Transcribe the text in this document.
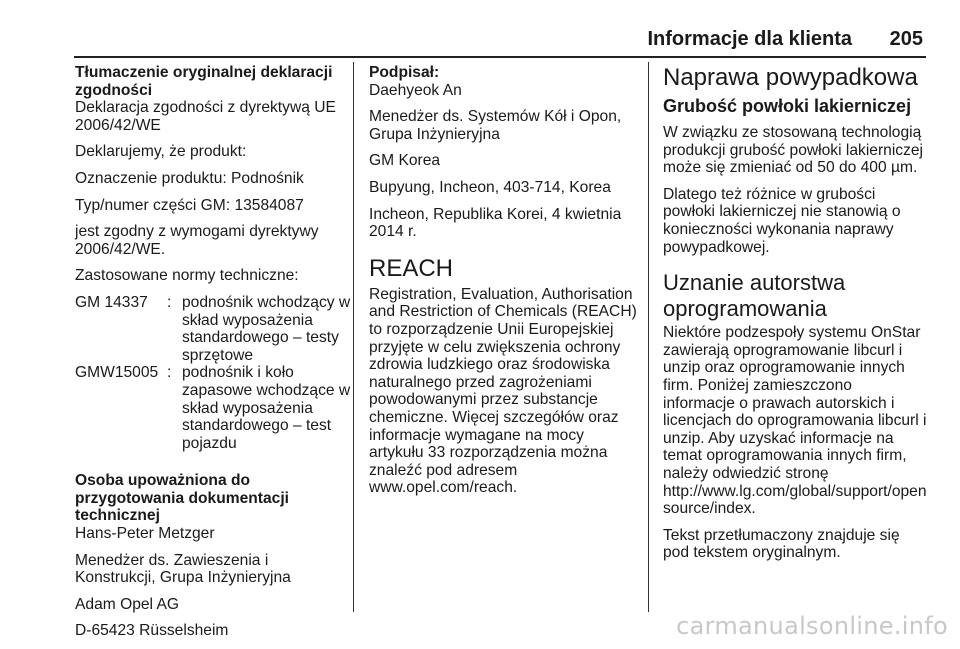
Informacje dla klienta 205

Tłumaczenie oryginalnej deklaracji zgodności

Deklaracja zgodności z dyrektywą UE 2006/42/WE

Deklarujemy, że produkt:

Oznaczenie produktu: Podnośnik

Typ/numer części GM: 13584087

jest zgodny z wymogami dyrektywy 2006/42/WE.

Zastosowane normy techniczne:

GM 14337	: podnośnik wchodzący w skład wyposażenia standardowego – testy sprzętowe
GMW15005 : podnośnik i koło zapasowe wchodzące w skład wyposażenia standardowego – test pojazdu

Osoba upoważniona do przygotowania dokumentacji technicznej

Hans-Peter Metzger

Menedżer ds. Zawieszenia i Konstrukcji, Grupa Inżynieryjna

Adam Opel AG

D-65423 Rüsselsheim

Podpisał:

Daehyeok An

Menedżer ds. Systemów Kół i Opon, Grupa Inżynieryjna

GM Korea

Bupyung, Incheon, 403-714, Korea

Incheon, Republika Korei, 4 kwietnia 2014 r.

REACH

Registration, Evaluation, Authorisation and Restriction of Chemicals (REACH) to rozporządzenie Unii Europejskiej przyjęte w celu zwiększenia ochrony zdrowia ludzkiego oraz środowiska naturalnego przed zagrożeniami powodowanymi przez substancje chemiczne. Więcej szczegółów oraz informacje wymagane na mocy artykułu 33 rozporządzenia można znaleźć pod adresem www.opel.com/reach.

Naprawa powypadkowa
Grubość powłoki lakierniczej

W związku ze stosowaną technologią produkcji grubość powłoki lakierniczej może się zmieniać od 50 do 400 µm.

Dlatego też różnice w grubości powłoki lakierniczej nie stanowią o konieczności wykonania naprawy powypadkowej.

Uznanie autorstwa oprogramowania

Niektóre podzespoły systemu OnStar zawierają oprogramowanie libcurl i unzip oraz oprogramowanie innych firm. Poniżej zamieszczono informacje o prawach autorskich i licencjach do oprogramowania libcurl i unzip. Aby uzyskać informacje na temat oprogramowania innych firm, należy odwiedzić stronę http://www.lg.com/global/support/opensource/index.

Tekst przetłumaczony znajduje się pod tekstem oryginalnym.

carmanualsonline.info
